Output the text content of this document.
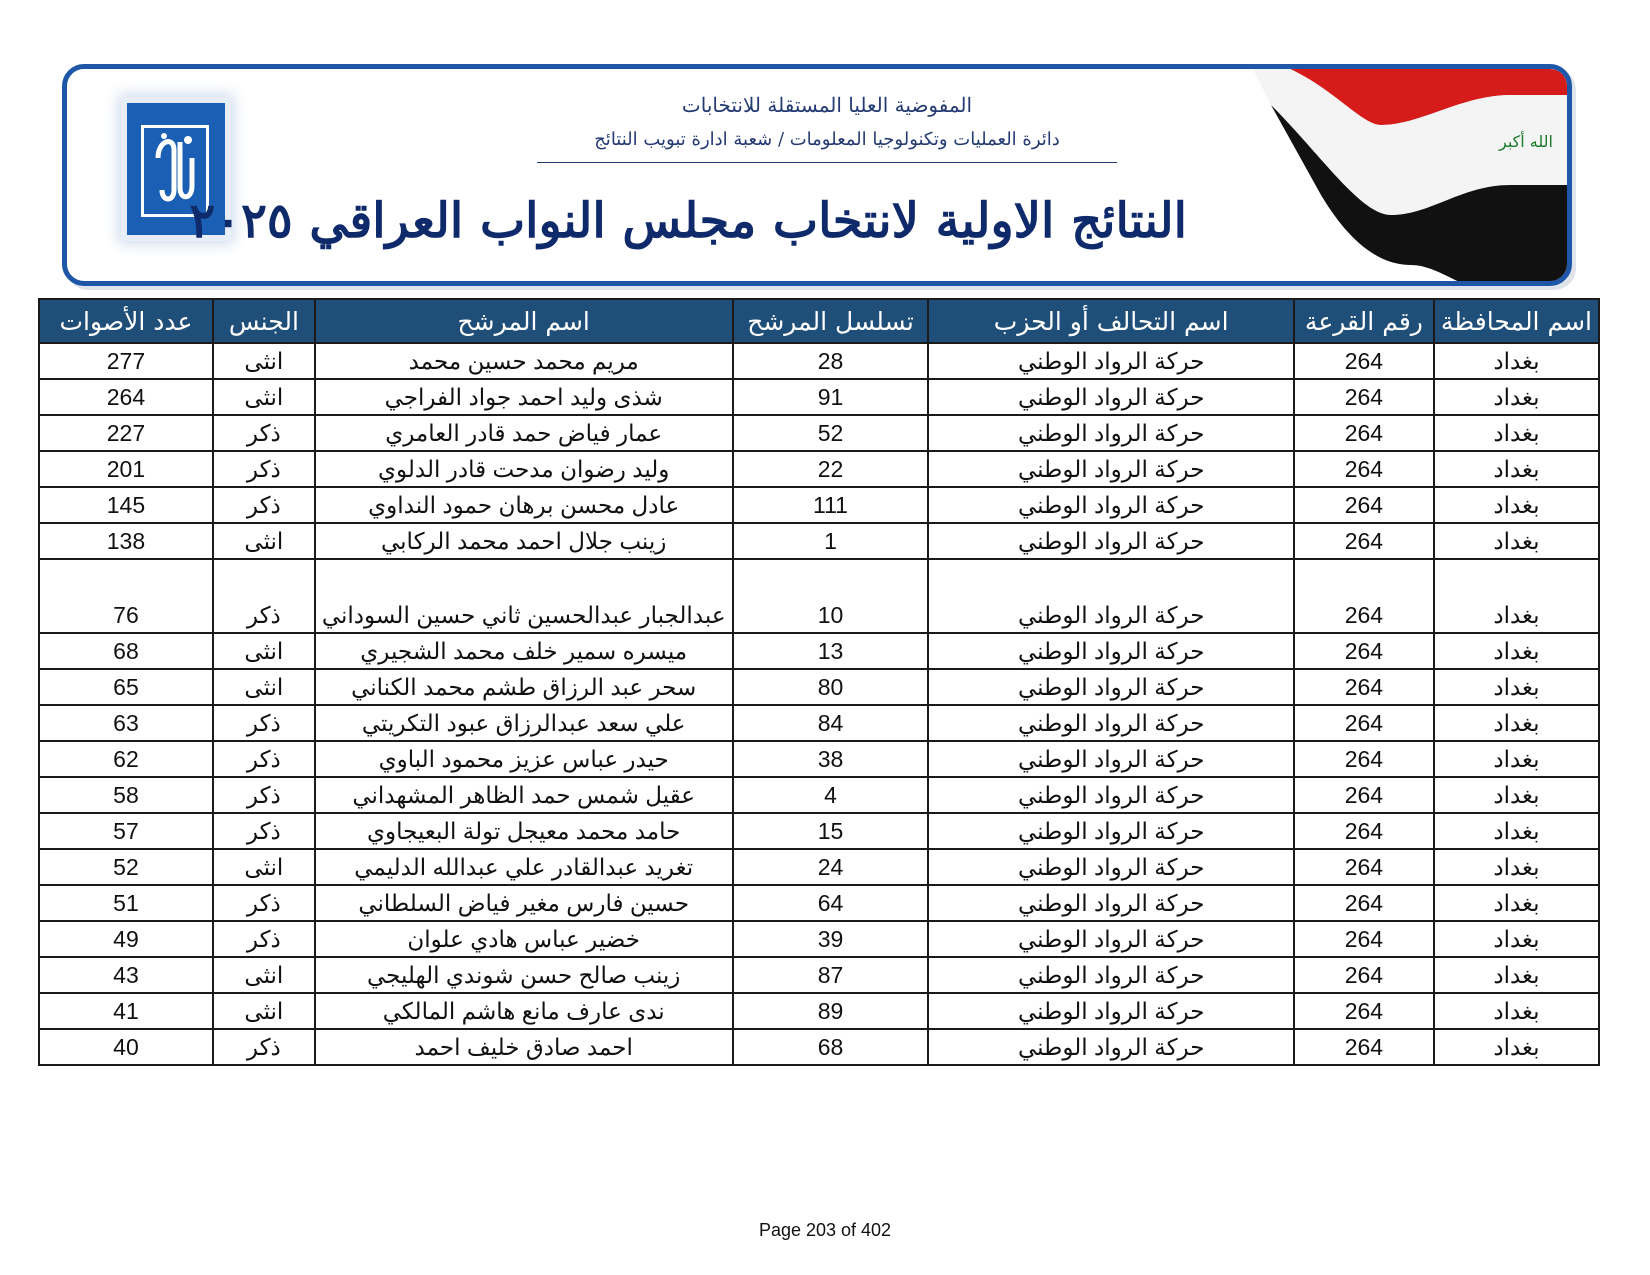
المفوضية العليا المستقلة للانتخابات
دائرة العمليات وتكنولوجيا المعلومات / شعبة ادارة تبويب النتائج
النتائج الاولية لانتخاب مجلس النواب العراقي ٢٠٢٥
الله أكبر
اسم المحافظة	رقم القرعة	اسم التحالف أو الحزب	تسلسل المرشح	اسم المرشح	الجنس	عدد الأصوات
بغداد	264	حركة الرواد الوطني	28	مريم محمد حسين محمد	انثى	277
بغداد	264	حركة الرواد الوطني	91	شذى وليد احمد جواد الفراجي	انثى	264
بغداد	264	حركة الرواد الوطني	52	عمار فياض حمد قادر العامري	ذكر	227
بغداد	264	حركة الرواد الوطني	22	وليد رضوان مدحت قادر الدلوي	ذكر	201
بغداد	264	حركة الرواد الوطني	111	عادل محسن برهان حمود النداوي	ذكر	145
بغداد	264	حركة الرواد الوطني	1	زينب جلال احمد محمد الركابي	انثى	138
بغداد	264	حركة الرواد الوطني	10	عبدالجبار عبدالحسين ثاني حسين السوداني	ذكر	76
بغداد	264	حركة الرواد الوطني	13	ميسره سمير خلف محمد الشجيري	انثى	68
بغداد	264	حركة الرواد الوطني	80	سحر عبد الرزاق طشم محمد الكناني	انثى	65
بغداد	264	حركة الرواد الوطني	84	علي سعد عبدالرزاق عبود التكريتي	ذكر	63
بغداد	264	حركة الرواد الوطني	38	حيدر عباس عزيز محمود الباوي	ذكر	62
بغداد	264	حركة الرواد الوطني	4	عقيل شمس حمد الظاهر المشهداني	ذكر	58
بغداد	264	حركة الرواد الوطني	15	حامد محمد معيجل تولة البعيجاوي	ذكر	57
بغداد	264	حركة الرواد الوطني	24	تغريد عبدالقادر علي عبدالله الدليمي	انثى	52
بغداد	264	حركة الرواد الوطني	64	حسين فارس مغير فياض السلطاني	ذكر	51
بغداد	264	حركة الرواد الوطني	39	خضير عباس هادي علوان	ذكر	49
بغداد	264	حركة الرواد الوطني	87	زينب صالح حسن شوندي الهليجي	انثى	43
بغداد	264	حركة الرواد الوطني	89	ندى عارف مانع هاشم المالكي	انثى	41
بغداد	264	حركة الرواد الوطني	68	احمد صادق خليف احمد	ذكر	40
Page 203 of 402
